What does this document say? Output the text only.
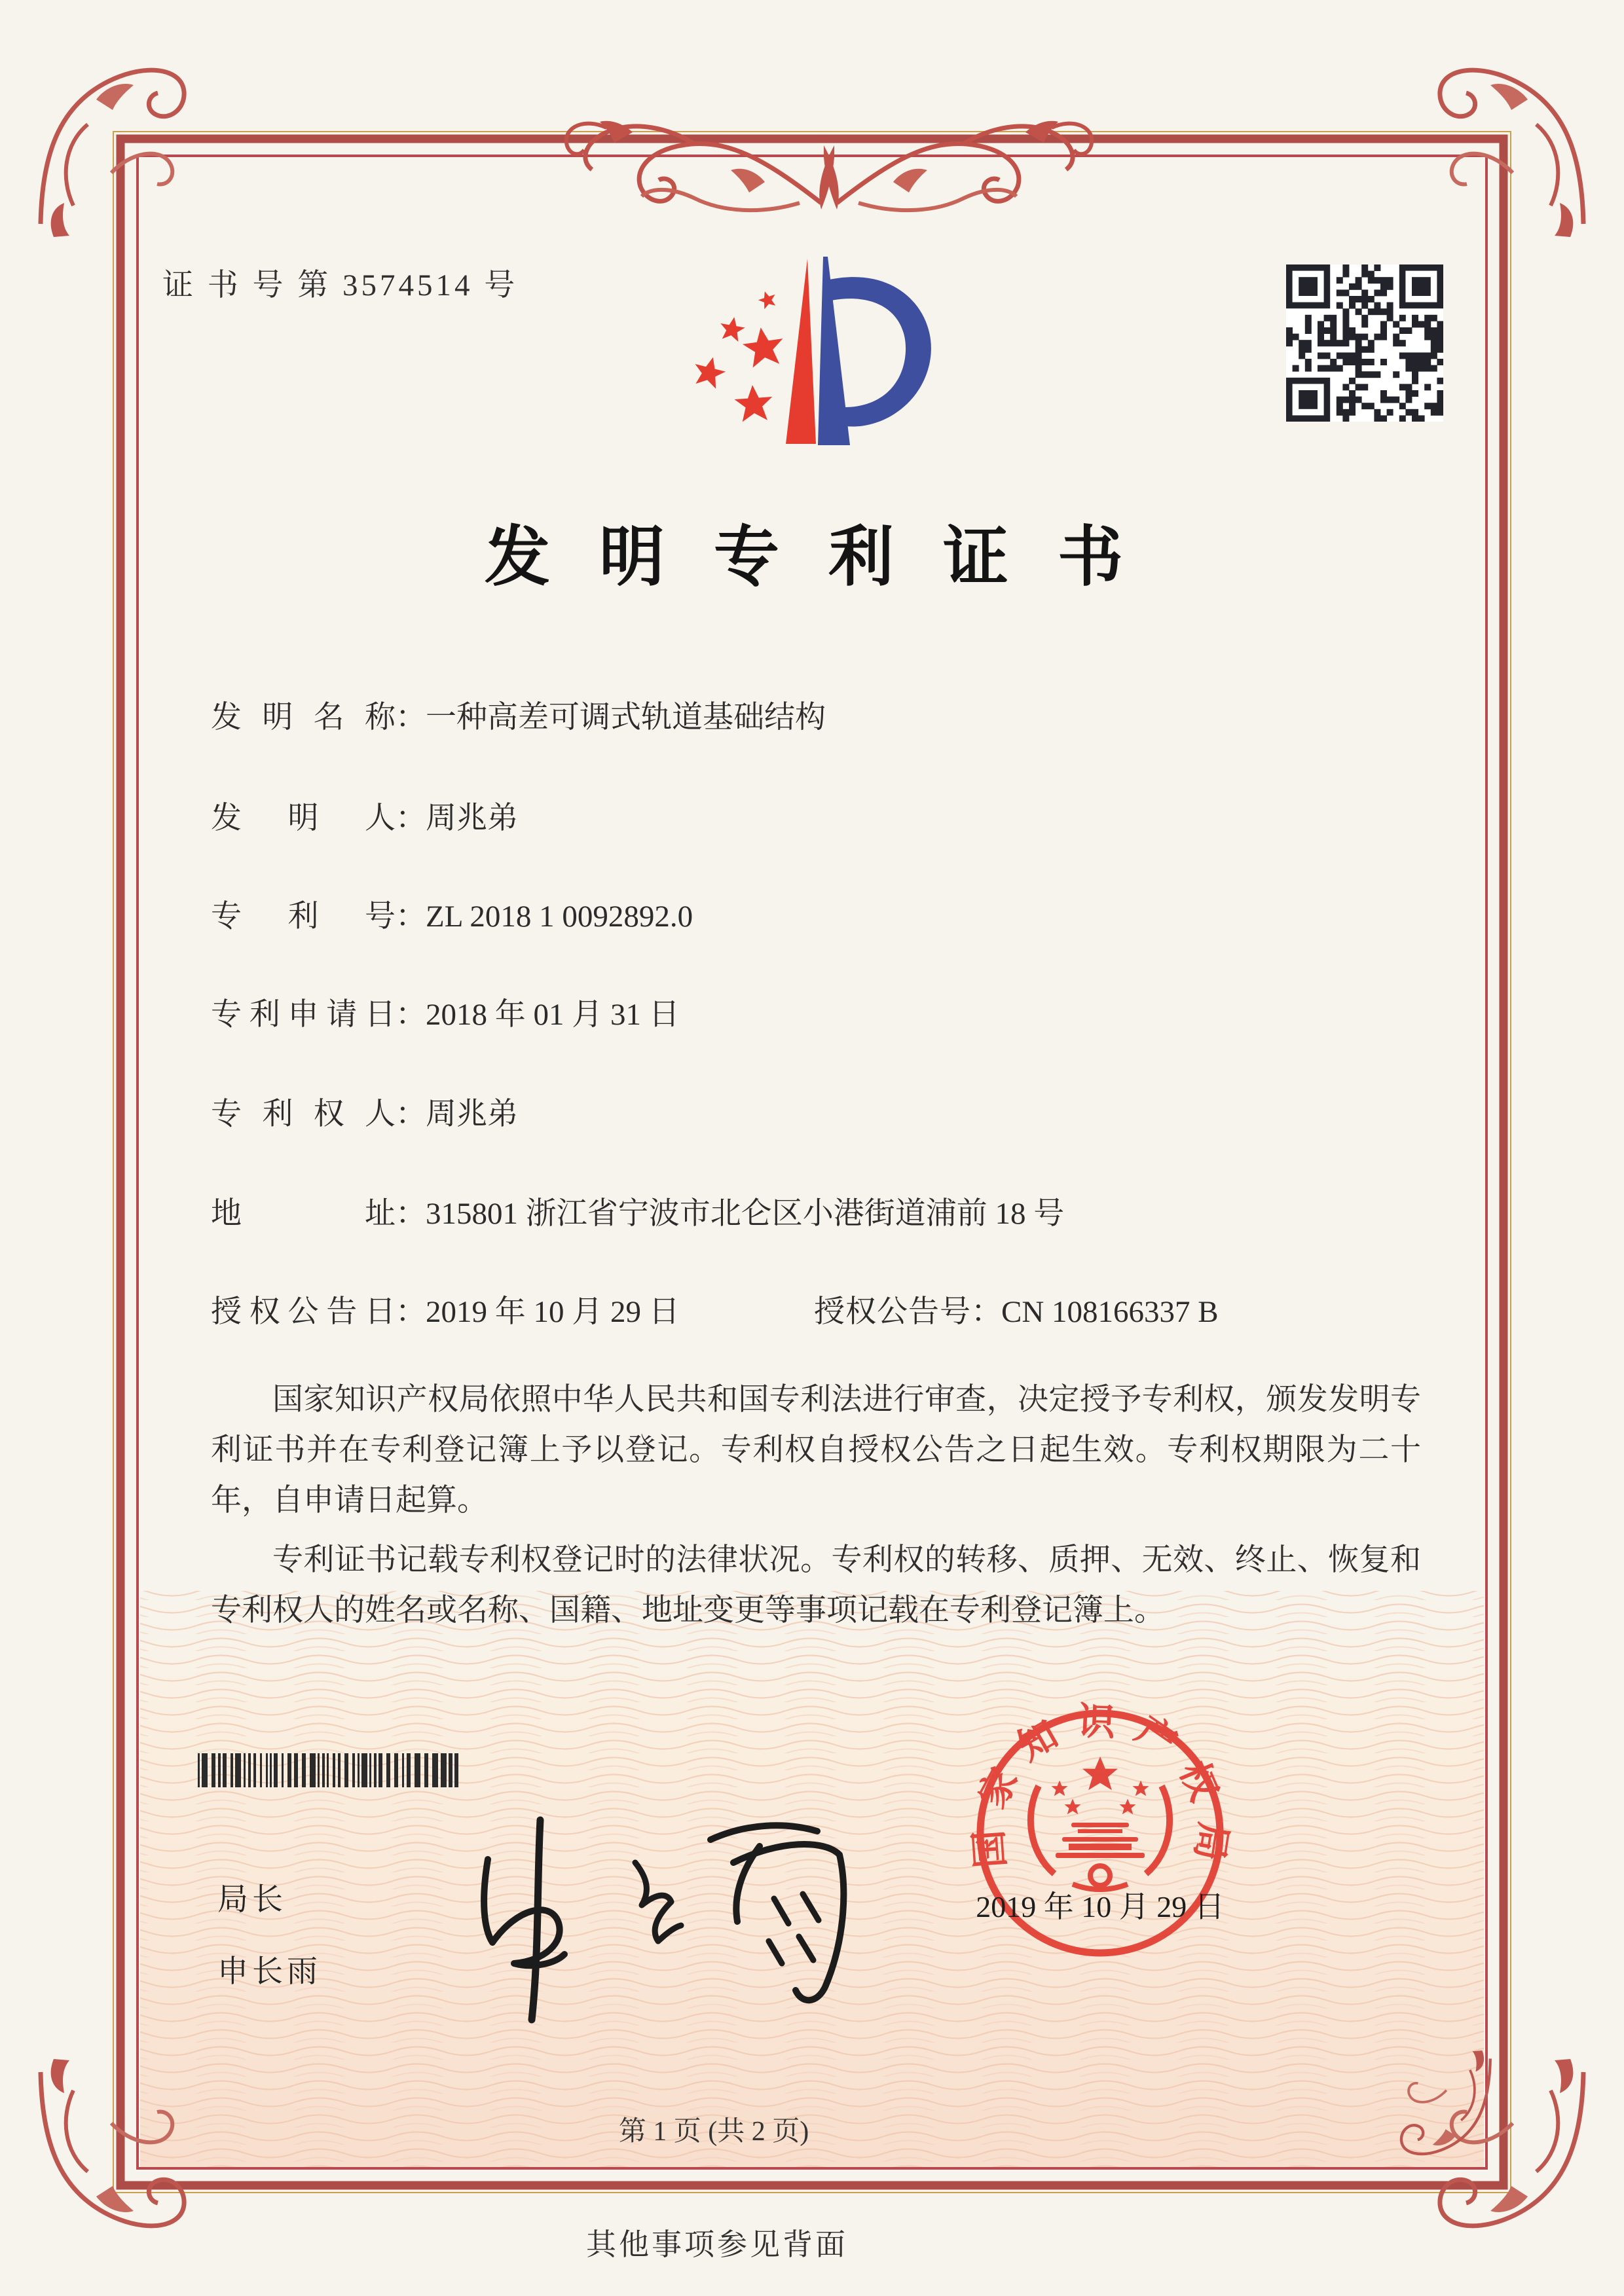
证 书 号 第 3574514 号
发明专利证书
发 明 名 称 ：一种高差可调式轨道基础结构
发 明 人 ：周兆弟
专 利 号 ：ZL 2018 1 0092892.0
专 利 申 请 日 ：2018 年 01 月 31 日
专 利 权 人 ：周兆弟
地	址 ：315801 浙江省宁波市北仑区小港街道浦前 18 号
授 权 公 告 日 ：2019 年 10 月 29 日	授权公告号：CN 108166337 B

国家知识产权局依照中华人民共和国专利法进行审查，决定授予专利权，颁发发明专利证书并在专利登记簿上予以登记。专利权自授权公告之日起生效。专利权期限为二十年，自申请日起算。

专利证书记载专利权登记时的法律状况。专利权的转移、质押、无效、终止、恢复和专利权人的姓名或名称、国籍、地址变更等事项记载在专利登记簿上。

局长
申长雨
国家知识产权局
2019 年 10 月 29 日
第 1 页 (共 2 页)
其他事项参见背面
